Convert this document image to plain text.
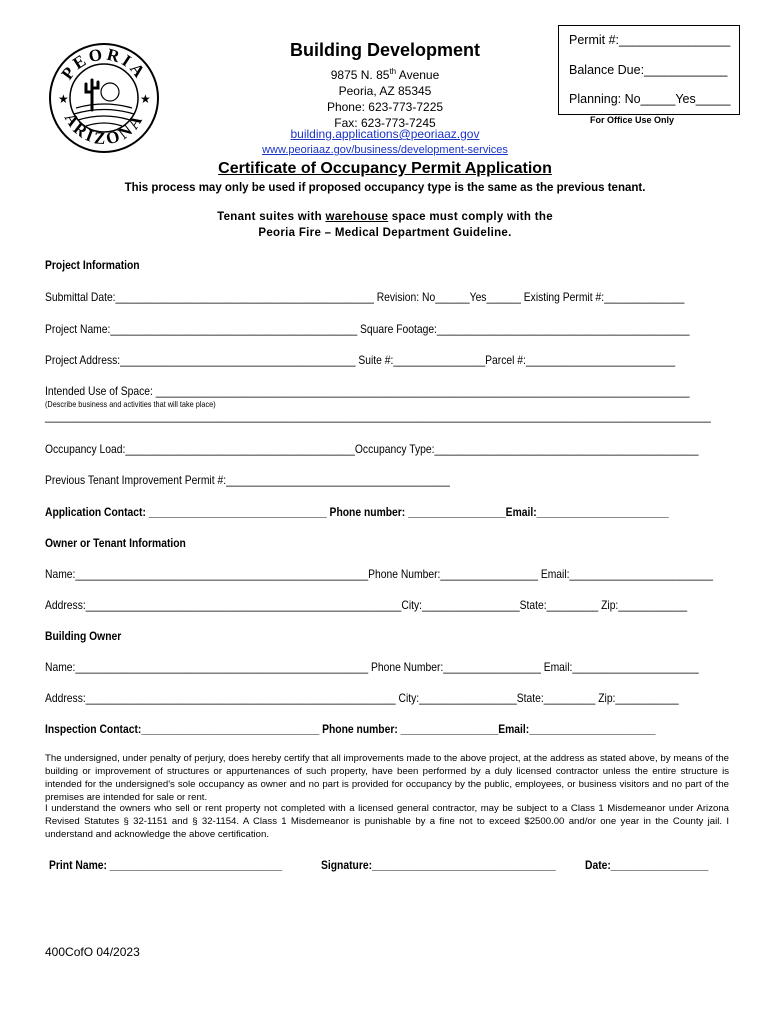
PEORIA
ARIZONA
★	★
Building Development
9875 N. 85th Avenue
Peoria, AZ 85345
Phone: 623-773-7225
Fax: 623-773-7245
building.applications@peoriaaz.gov
www.peoriaaz.gov/business/development-services
Permit #:________________
Balance Due:____________
Planning: No_____Yes_____
For Office Use Only
Certificate of Occupancy Permit Application
This process may only be used if proposed occupancy type is the same as the previous tenant.
Tenant suites with warehouse space must comply with the
Peoria Fire – Medical Department Guideline.
Project Information
Submittal Date:_____________________________________________ Revision: No______Yes______ Existing Permit #:______________
Project Name:___________________________________________ Square Footage:____________________________________________
Project Address:_________________________________________ Suite #:________________Parcel #:__________________________
Intended Use of Space: _____________________________________________________________________________________________
(Describe business and activities that will take place)
____________________________________________________________________________________________________________________
Occupancy Load:________________________________________Occupancy Type:______________________________________________
Previous Tenant Improvement Permit #:_______________________________________
Application Contact: _______________________________ Phone number: _________________Email:_______________________
Owner or Tenant Information
Name:___________________________________________________Phone Number:_________________ Email:_________________________
Address:_______________________________________________________City:_________________State:_________ Zip:____________
Building Owner
Name:___________________________________________________ Phone Number:_________________ Email:______________________
Address:______________________________________________________ City:_________________State:_________ Zip:___________
Inspection Contact:_______________________________ Phone number: _________________Email:______________________
The undersigned, under penalty of perjury, does hereby certify that all improvements made to the above project, at the address as stated above, by means of the building or improvement of structures or appurtenances of such property, have been performed by a duly licensed contractor unless the entire structure is intended for the undersigned's sole occupancy as owner and no part is provided for occupancy by the public, employees, or business visitors and no part of the premises are intended for sale or rent.
I understand the owners who sell or rent property not completed with a licensed general contractor, may be subject to a Class 1 Misdemeanor under Arizona Revised Statutes § 32-1151 and § 32-1154. A Class 1 Misdemeanor is punishable by a fine not to exceed $2500.00 and/or one year in the County jail. I understand and acknowledge the above certification.
Print Name: ______________________________	Signature:________________________________	Date:_________________
400CofO 04/2023
